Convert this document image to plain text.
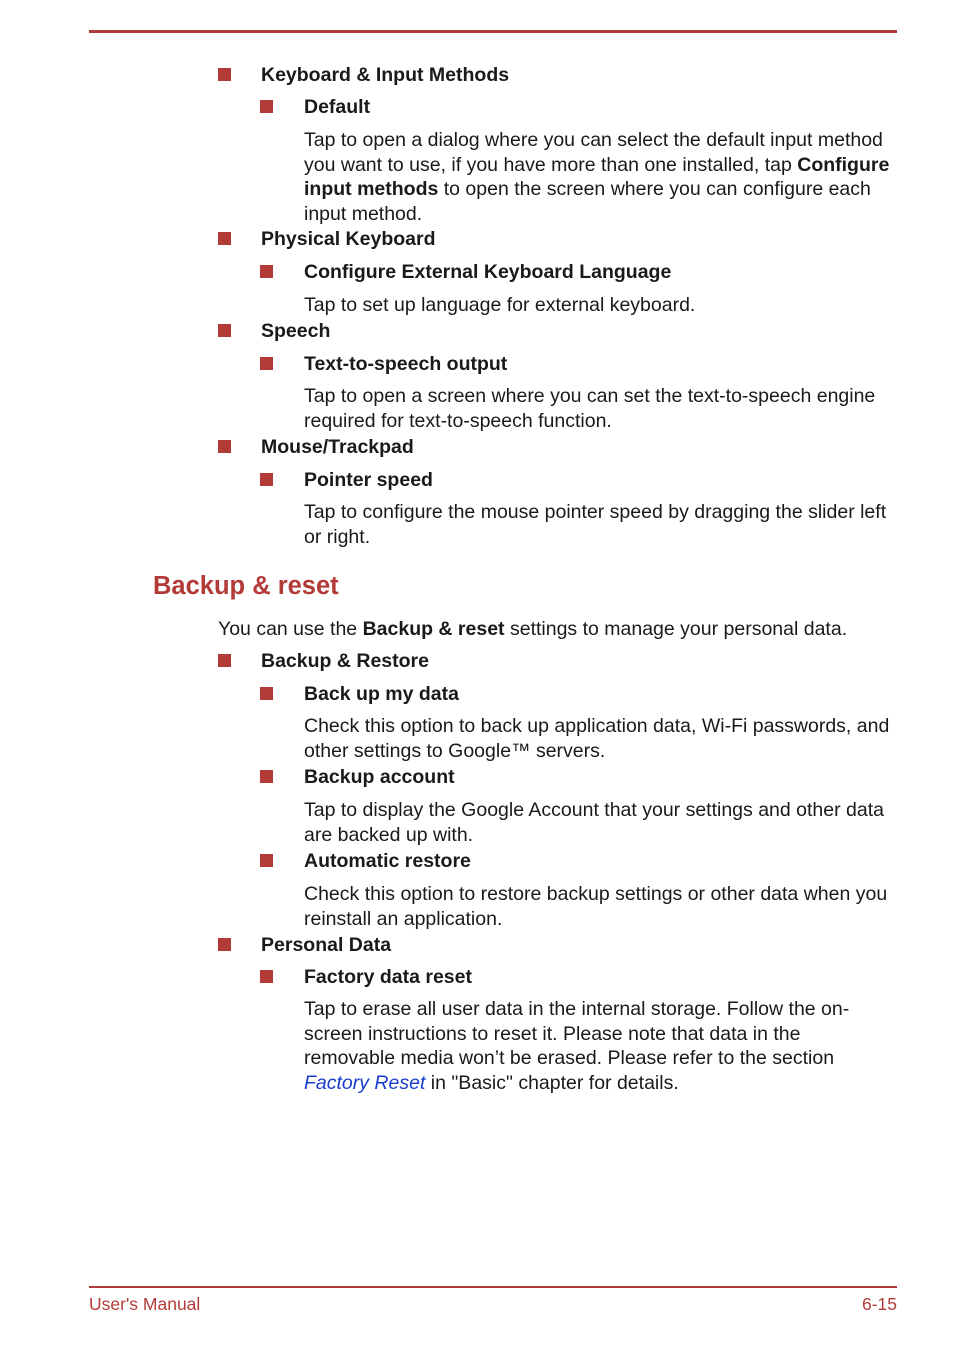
Keyboard & Input Methods
Default
Tap to open a dialog where you can select the default input method you want to use, if you have more than one installed, tap Configure input methods to open the screen where you can configure each input method.
Physical Keyboard
Configure External Keyboard Language
Tap to set up language for external keyboard.
Speech
Text-to-speech output
Tap to open a screen where you can set the text-to-speech engine required for text-to-speech function.
Mouse/Trackpad
Pointer speed
Tap to configure the mouse pointer speed by dragging the slider left or right.
Backup & reset
You can use the Backup & reset settings to manage your personal data.
Backup & Restore
Back up my data
Check this option to back up application data, Wi-Fi passwords, and other settings to Google™ servers.
Backup account
Tap to display the Google Account that your settings and other data are backed up with.
Automatic restore
Check this option to restore backup settings or other data when you reinstall an application.
Personal Data
Factory data reset
Tap to erase all user data in the internal storage. Follow the on-screen instructions to reset it. Please note that data in the removable media won’t be erased. Please refer to the section Factory Reset in "Basic" chapter for details.
User's Manual	6-15
